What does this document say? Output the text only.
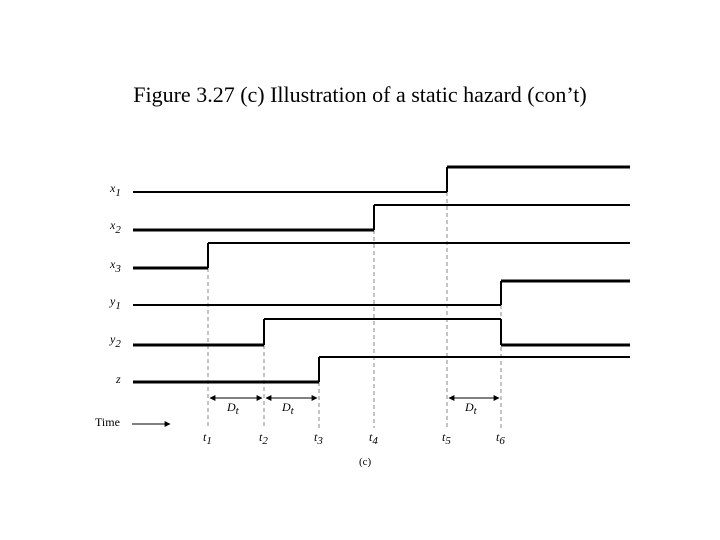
Figure 3.27 (c) Illustration of a static hazard (con’t)
x1
x2
x3
y1
y2
z
Dt	Dt	Dt
Time
t1	t2	t3	t4	t5	t6
(c)
